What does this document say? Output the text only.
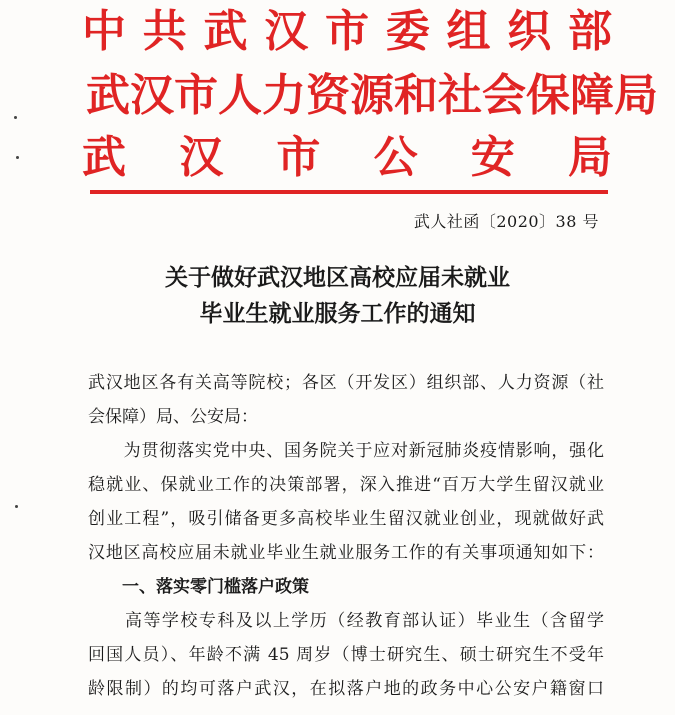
中 共 武 汉 市 委 组 织 部
武 汉 市 人 力 资 源 和 社 会 保 障 局
武 汉 市 公 安 局
武人社函〔2020〕38 号
关于做好武汉地区高校应届未就业
毕业生就业服务工作的通知
武汉地区各有关高等院校；各区（开发区）组织部、人力资源（社
会保障）局、公安局：
　　为贯彻落实党中央、国务院关于应对新冠肺炎疫情影响，强化
稳就业、保就业工作的决策部署，深入推进“百万大学生留汉就业
创业工程”，吸引储备更多高校毕业生留汉就业创业，现就做好武
汉地区高校应届未就业毕业生就业服务工作的有关事项通知如下：
　　一、落实零门槛落户政策
　　高等学校专科及以上学历（经教育部认证）毕业生（含留学
回国人员）、年龄不满 45 周岁（博士研究生、硕士研究生不受年
龄限制）的均可落户武汉，在拟落户地的政务中心公安户籍窗口
